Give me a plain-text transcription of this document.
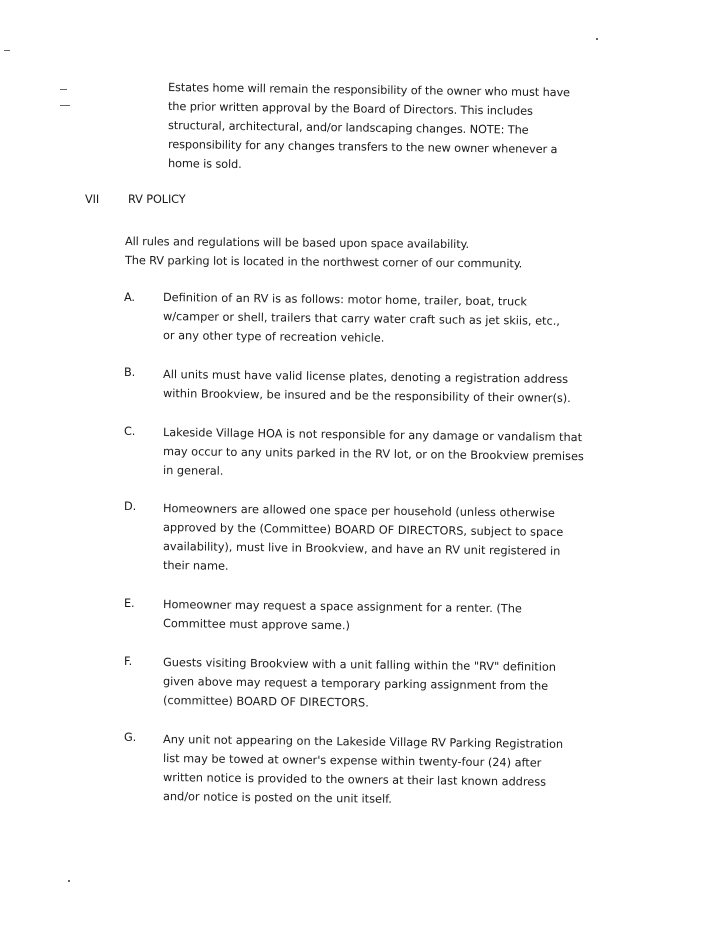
Estates home will remain the responsibility of the owner who must have
the prior written approval by the Board of Directors. This includes
structural, architectural, and/or landscaping changes. NOTE: The
responsibility for any changes transfers to the new owner whenever a
home is sold.
VII	RV POLICY
All rules and regulations will be based upon space availability.
The RV parking lot is located in the northwest corner of our community.
A. Definition of an RV is as follows: motor home, trailer, boat, truck
w/camper or shell, trailers that carry water craft such as jet skiis, etc.,
or any other type of recreation vehicle.
B. All units must have valid license plates, denoting a registration address
within Brookview, be insured and be the responsibility of their owner(s).
C. Lakeside Village HOA is not responsible for any damage or vandalism that
may occur to any units parked in the RV lot, or on the Brookview premises
in general.
D. Homeowners are allowed one space per household (unless otherwise
approved by the (Committee) BOARD OF DIRECTORS, subject to space
availability), must live in Brookview, and have an RV unit registered in
their name.
E.	Homeowner may request a space assignment for a renter. (The
Committee must approve same.)
F.	Guests visiting Brookview with a unit falling within the "RV" definition
given above may request a temporary parking assignment from the
(committee) BOARD OF DIRECTORS.
G. Any unit not appearing on the Lakeside Village RV Parking Registration
list may be towed at owner's expense within twenty-four (24) after
written notice is provided to the owners at their last known address
and/or notice is posted on the unit itself.
